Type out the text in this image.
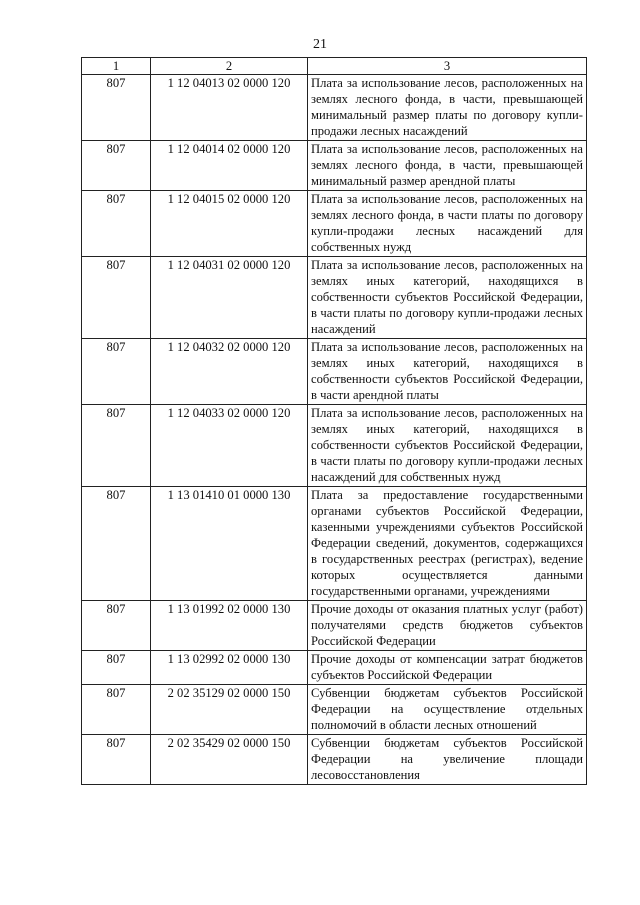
21
1	2	3
807	1 12 04013 02 0000 120	Плата за использование лесов, расположенных на землях лесного фонда, в части, превышающей минимальный размер платы по договору купли-продажи лесных насаждений
807	1 12 04014 02 0000 120	Плата за использование лесов, расположенных на землях лесного фонда, в части, превышающей минимальный размер арендной платы
807	1 12 04015 02 0000 120	Плата за использование лесов, расположенных на землях лесного фонда, в части платы по договору купли-продажи лесных насаждений для собственных нужд
807	1 12 04031 02 0000 120	Плата за использование лесов, расположенных на землях иных категорий, находящихся в собственности субъектов Российской Федерации, в части платы по договору купли-продажи лесных насаждений
807	1 12 04032 02 0000 120	Плата за использование лесов, расположенных на землях иных категорий, находящихся в собственности субъектов Российской Федерации, в части арендной платы
807	1 12 04033 02 0000 120	Плата за использование лесов, расположенных на землях иных категорий, находящихся в собственности субъектов Российской Федерации, в части платы по договору купли-продажи лесных насаждений для собственных нужд
807	1 13 01410 01 0000 130	Плата за предоставление государственными органами субъектов Российской Федерации, казенными учреждениями субъектов Российской Федерации сведений, документов, содержащихся в государственных реестрах (регистрах), ведение которых осуществляется данными государственными органами, учреждениями
807	1 13 01992 02 0000 130	Прочие доходы от оказания платных услуг (работ) получателями средств бюджетов субъектов Российской Федерации
807	1 13 02992 02 0000 130	Прочие доходы от компенсации затрат бюджетов субъектов Российской Федерации
807	2 02 35129 02 0000 150	Субвенции бюджетам субъектов Российской Федерации на осуществление отдельных полномочий в области лесных отношений
807	2 02 35429 02 0000 150	Субвенции бюджетам субъектов Российской Федерации на увеличение площади лесовосстановления
